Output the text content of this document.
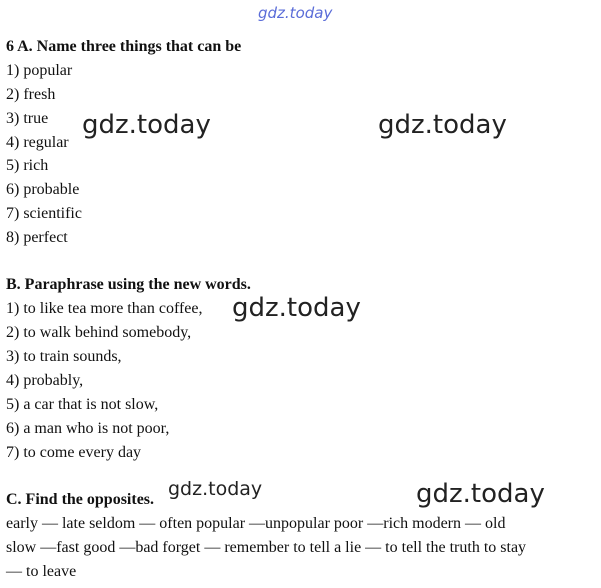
gdz.today
gdz.today	gdz.today
gdz.today
gdz.today	gdz.today
6 A. Name three things that can be
1) popular
2) fresh
3) true
4) regular
5) rich
6) probable
7) scientific
8) perfect
B. Paraphrase using the new words.
1) to like tea more than coffee,
2) to walk behind somebody,
3) to train sounds,
4) probably,
5) a car that is not slow,
6) a man who is not poor,
7) to come every day
C. Find the opposites.
early — late seldom — often popular —unpopular poor —rich modern — old
slow —fast good —bad forget — remember to tell a lie — to tell the truth to stay
— to leave
